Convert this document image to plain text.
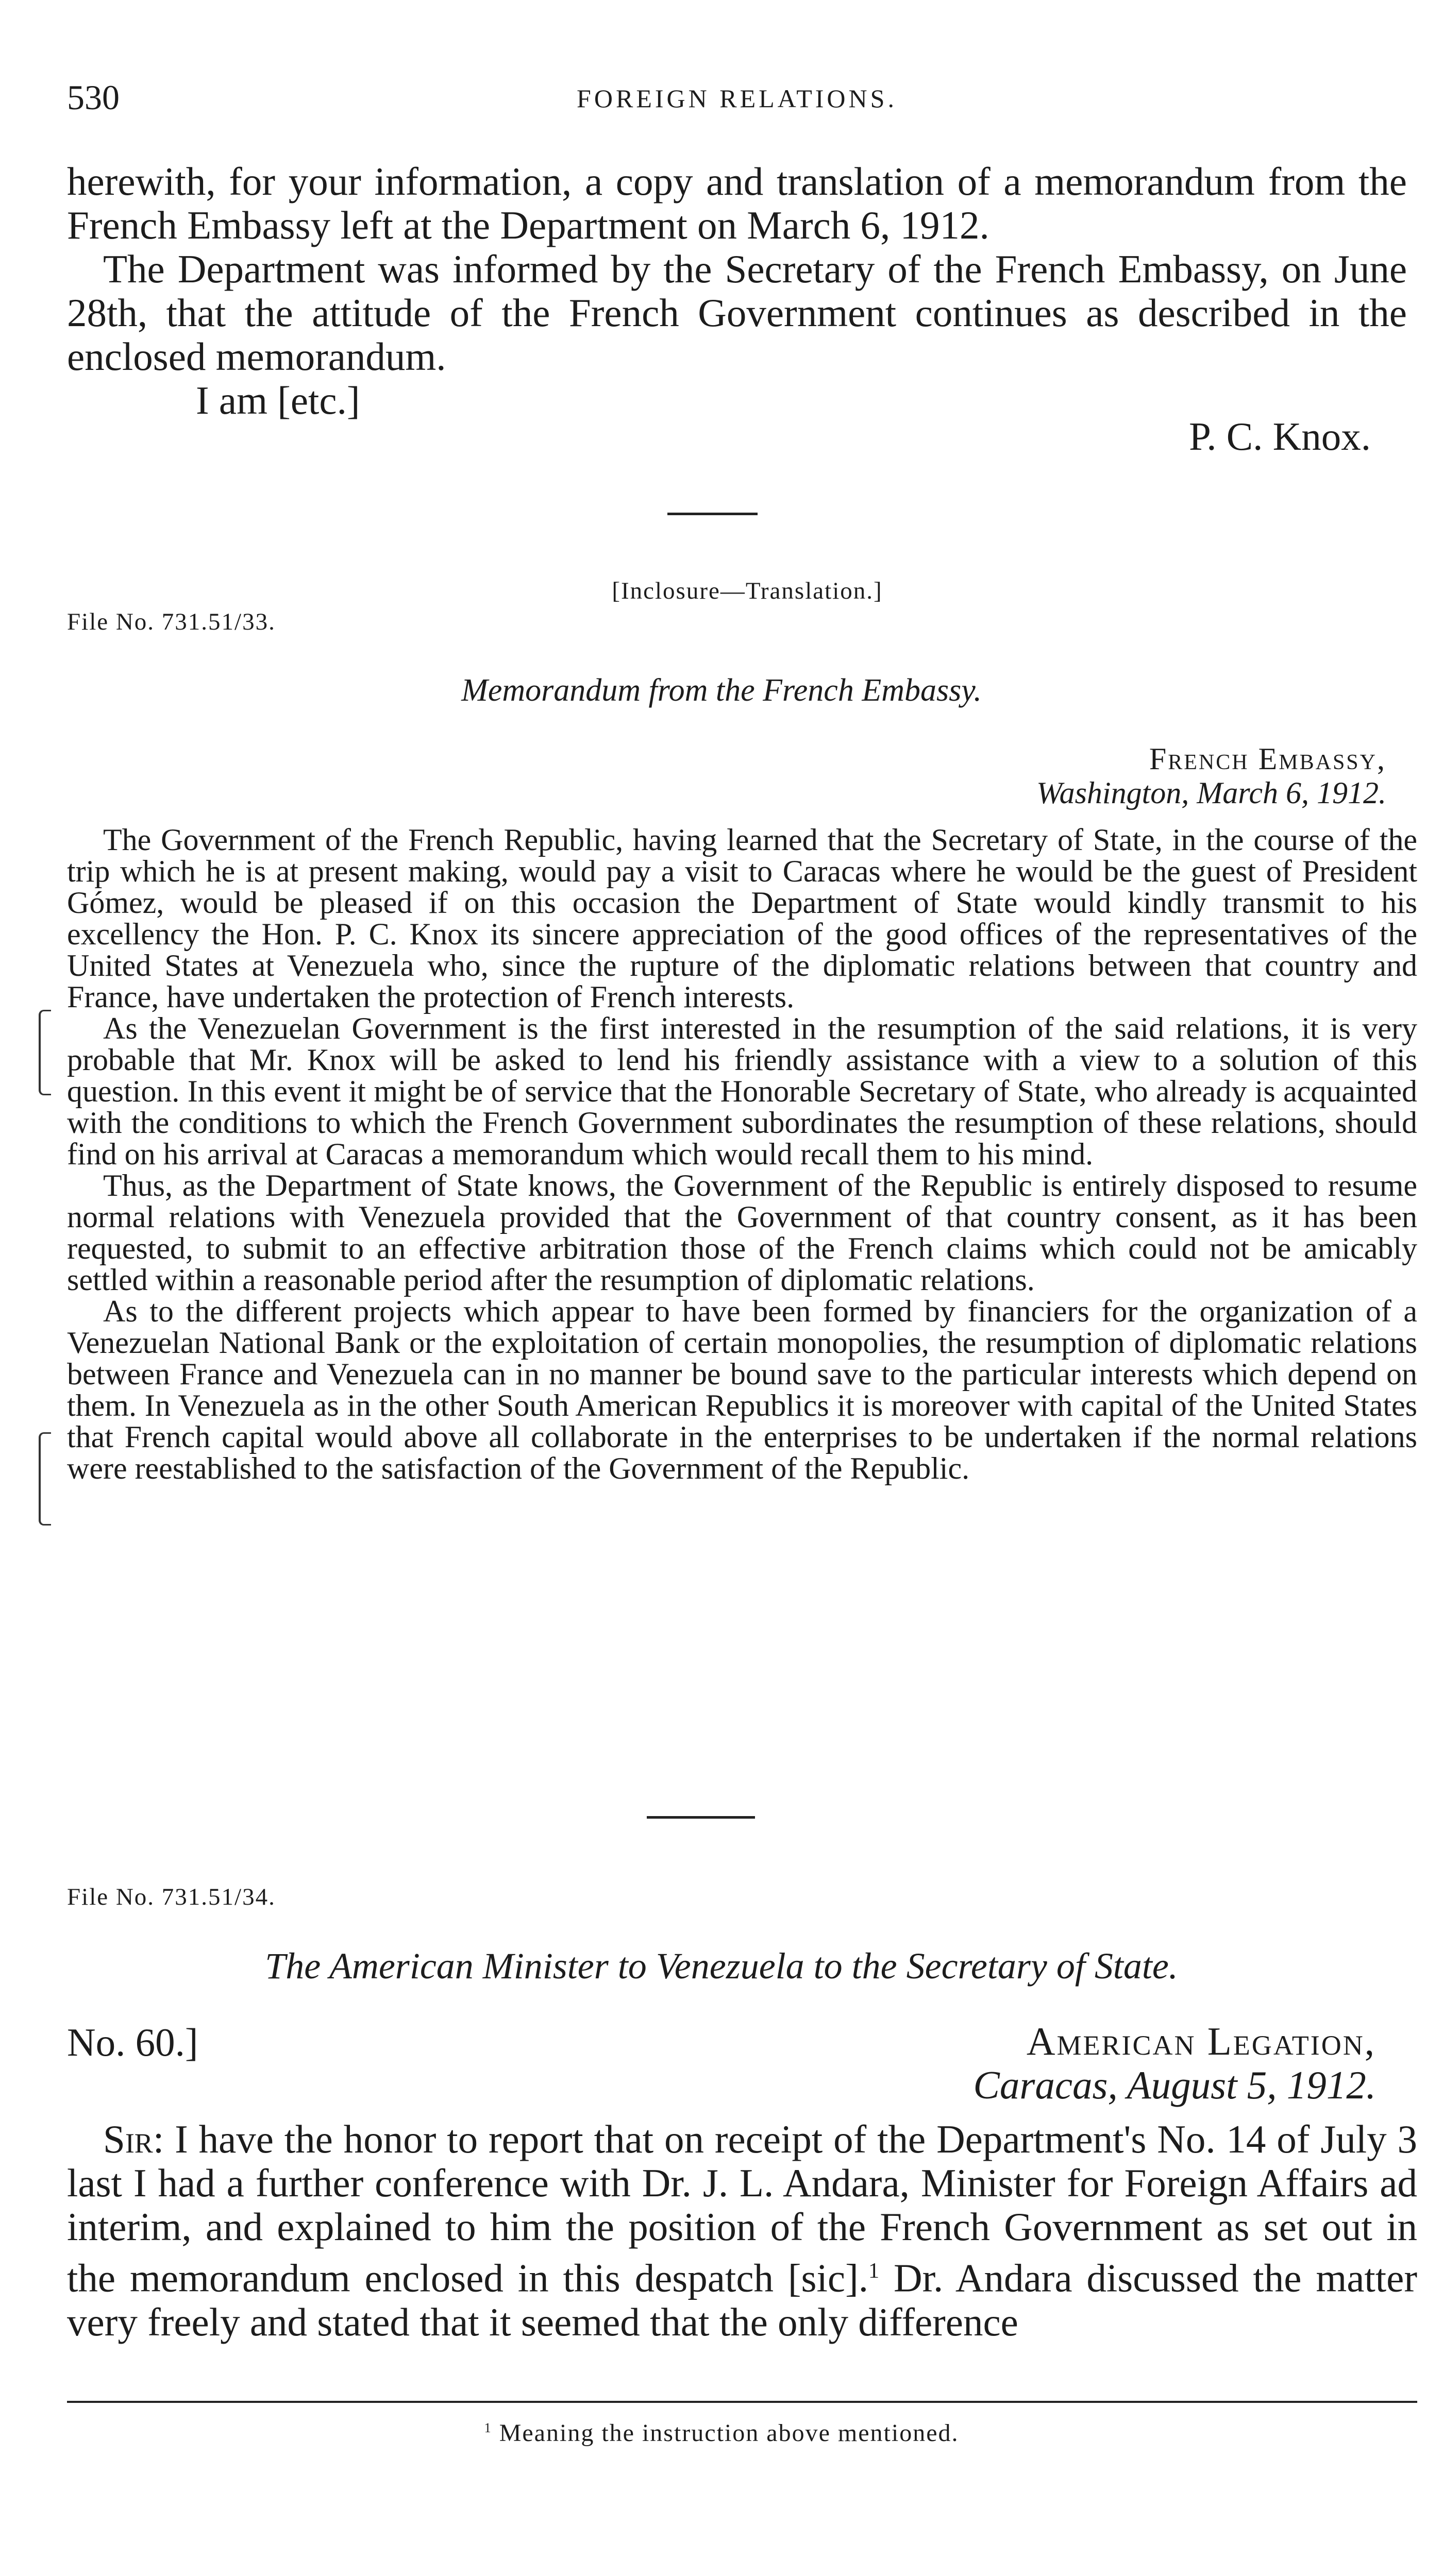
530	FOREIGN RELATIONS.

herewith, for your information, a copy and translation of a memorandum from the French Embassy left at the Department on March 6, 1912.

The Department was informed by the Secretary of the French Embassy, on June 28th, that the attitude of the French Government continues as described in the enclosed memorandum.

I am [etc.]
P. C. Knox.
[Inclosure—Translation.]
File No. 731.51/33.
Memorandum from the French Embassy.
French Embassy,
Washington, March 6, 1912.

The Government of the French Republic, having learned that the Secretary of State, in the course of the trip which he is at present making, would pay a visit to Caracas where he would be the guest of President Gómez, would be pleased if on this occasion the Department of State would kindly transmit to his excellency the Hon. P. C. Knox its sincere appreciation of the good offices of the representatives of the United States at Venezuela who, since the rupture of the diplomatic relations between that country and France, have undertaken the protection of French interests.

As the Venezuelan Government is the first interested in the resumption of the said relations, it is very probable that Mr. Knox will be asked to lend his friendly assistance with a view to a solution of this question. In this event it might be of service that the Honorable Secretary of State, who already is acquainted with the conditions to which the French Government subordinates the resumption of these relations, should find on his arrival at Caracas a memorandum which would recall them to his mind.

Thus, as the Department of State knows, the Government of the Republic is entirely disposed to resume normal relations with Venezuela provided that the Government of that country consent, as it has been requested, to submit to an effective arbitration those of the French claims which could not be amicably settled within a reasonable period after the resumption of diplomatic relations.

As to the different projects which appear to have been formed by financiers for the organization of a Venezuelan National Bank or the exploitation of certain monopolies, the resumption of diplomatic relations between France and Venezuela can in no manner be bound save to the particular interests which depend on them. In Venezuela as in the other South American Republics it is moreover with capital of the United States that French capital would above all collaborate in the enterprises to be undertaken if the normal relations were reestablished to the satisfaction of the Government of the Republic.

File No. 731.51/34.
The American Minister to Venezuela to the Secretary of State.
No. 60.]	American Legation,
Caracas, August 5, 1912.

Sir: I have the honor to report that on receipt of the Department's No. 14 of July 3 last I had a further conference with Dr. J. L. Andara, Minister for Foreign Affairs ad interim, and explained to him the position of the French Government as set out in the memorandum enclosed in this despatch [sic].$^1$ Dr. Andara discussed the matter very freely and stated that it seemed that the only difference

$^1$ Meaning the instruction above mentioned.
